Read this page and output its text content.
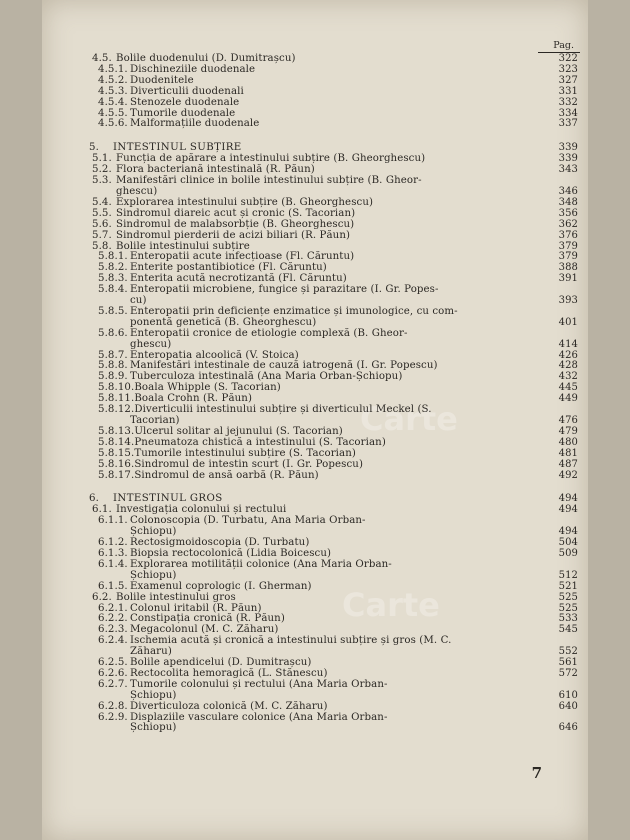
Carte
Carte
Pag.
4.5. Bolile duodenului (D. Dumitrașcu)	322
4.5.1. Dischineziile duodenale	323
4.5.2. Duodenitele	327
4.5.3. Diverticulii duodenali	331
4.5.4. Stenozele duodenale	332
4.5.5. Tumorile duodenale	334
4.5.6. Malformațiile duodenale	337
5. INTESTINUL SUBȚIRE	339
5.1. Funcția de apărare a intestinului subțire (B. Gheorghescu)	339
5.2. Flora bacteriană intestinală (R. Păun)	343
5.3. Manifestări clinice in bolile intestinului subțire (B. Gheor-
ghescu)	346
5.4. Explorarea intestinului subțire (B. Gheorghescu)	348
5.5. Sindromul diareic acut și cronic (S. Tacorian)	356
5.6. Sindromul de malabsorbție (B. Gheorghescu)	362
5.7. Sindromul pierderii de acizi biliari (R. Păun)	376
5.8. Bolile intestinului subțire	379
5.8.1. Enteropatii acute infecțioase (Fl. Căruntu)	379
5.8.2. Enterite postantibiotice (Fl. Căruntu)	388
5.8.3. Enterita acută necrotizantă (Fl. Căruntu)	391
5.8.4. Enteropatii microbiene, fungice și parazitare (I. Gr. Popes-
cu)	393
5.8.5. Enteropatii prin deficiențe enzimatice și imunologice, cu com-
ponentă genetică (B. Gheorghescu)	401
5.8.6. Enteropatii cronice de etiologie complexă (B. Gheor-
ghescu)	414
5.8.7. Enteropatia alcoolică (V. Stoica)	426
5.8.8. Manifestări intestinale de cauză iatrogenă (I. Gr. Popescu)	428
5.8.9. Tuberculoza intestinală (Ana Maria Orban-Șchiopu)	432
5.8.10.Boala Whipple (S. Tacorian)	445
5.8.11.Boala Crohn (R. Păun)	449
5.8.12.Diverticulii intestinului subțire și diverticulul Meckel (S.
Tacorian)	476
5.8.13.Ulcerul solitar al jejunului (S. Tacorian)	479
5.8.14.Pneumatoza chistică a intestinului (S. Tacorian)	480
5.8.15.Tumorile intestinului subțire (S. Tacorian)	481
5.8.16.Sindromul de intestin scurt (I. Gr. Popescu)	487
5.8.17.Sindromul de ansă oarbă (R. Păun)	492
6. INTESTINUL GROS	494
6.1. Investigația colonului și rectului	494
6.1.1. Colonoscopia (D. Turbatu, Ana Maria Orban-
Șchiopu)	494
6.1.2. Rectosigmoidoscopia (D. Turbatu)	504
6.1.3. Biopsia rectocolonică (Lidia Boicescu)	509
6.1.4. Explorarea motilității colonice (Ana Maria Orban-
Șchiopu)	512
6.1.5. Examenul coprologic (I. Gherman)	521
6.2. Bolile intestinului gros	525
6.2.1. Colonul iritabil (R. Păun)	525
6.2.2. Constipația cronică (R. Păun)	533
6.2.3. Megacolonul (M. C. Zăharu)	545
6.2.4. Ischemia acută și cronică a intestinului subțire și gros (M. C.
Zăharu)	552
6.2.5. Bolile apendicelui (D. Dumitrașcu)	561
6.2.6. Rectocolita hemoragică (L. Stănescu)	572
6.2.7. Tumorile colonului și rectului (Ana Maria Orban-
Șchiopu)	610
6.2.8. Diverticuloza colonică (M. C. Zăharu)	640
6.2.9. Displaziile vasculare colonice (Ana Maria Orban-
Șchiopu)	646
7
